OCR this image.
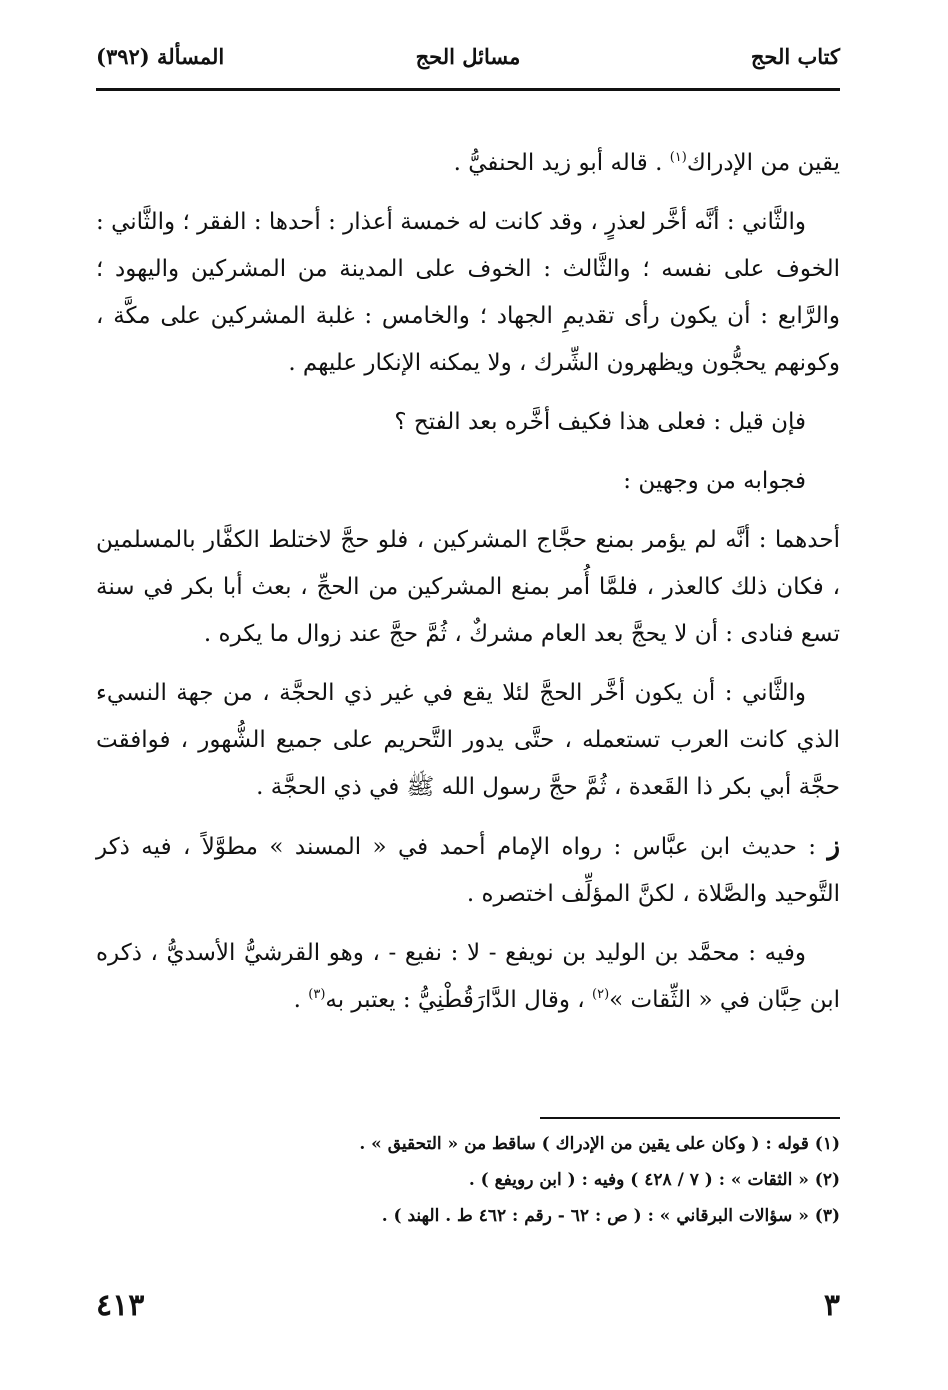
كتاب الحج
مسائل الحج
المسألة (٣٩٢)

يقين من الإدراك$^{(١)}$ . قاله أبو زيد الحنفيُّ .

والثَّاني : أنَّه أخَّر لعذرٍ ، وقد كانت له خمسة أعذار : أحدها : الفقر ؛ والثَّاني : الخوف على نفسه ؛ والثَّالث : الخوف على المدينة من المشركين واليهود ؛ والرَّابع : أن يكون رأى تقديمِ الجهاد ؛ والخامس : غلبة المشركين على مكَّة ، وكونهم يحجُّون ويظهرون الشِّرك ، ولا يمكنه الإنكار عليهم .

فإن قيل : فعلى هذا فكيف أخَّره بعد الفتح ؟

فجوابه من وجهين :

أحدهما : أنَّه لم يؤمر بمنع حجَّاج المشركين ، فلو حجَّ لاختلط الكفَّار بالمسلمين ، فكان ذلك كالعذر ، فلمَّا أُمر بمنع المشركين من الحجِّ ، بعث أبا بكر في سنة تسع فنادى : أن لا يحجَّ بعد العام مشركٌ ، ثُمَّ حجَّ عند زوال ما يكره .

والثَّاني : أن يكون أخَّر الحجَّ لئلا يقع في غير ذي الحجَّة ، من جهة النسيء الذي كانت العرب تستعمله ، حتَّى يدور التَّحريم على جميع الشُّهور ، فوافقت حجَّة أبي بكر ذا القَعدة ، ثُمَّ حجَّ رسول الله ﷺ في ذي الحجَّة .

ز : حديث ابن عبَّاس : رواه الإمام أحمد في « المسند » مطوَّلاً ، فيه ذكر التَّوحيد والصَّلاة ، لكنَّ المؤلِّف اختصره .

وفيه : محمَّد بن الوليد بن نويفع - لا : نفيع - ، وهو القرشيُّ الأسديُّ ، ذكره ابن حِبَّان في « الثِّقات »$^{(٢)}$ ، وقال الدَّارَقُطْنِيُّ : يعتبر به$^{(٣)}$ .

(١) قوله : ( وكان على يقين من الإدراك ) ساقط من « التحقيق » .
(٢) « الثقات » : ( ٧ / ٤٢٨ ) وفيه : ( ابن رويفع ) .
(٣) « سؤالات البرقاني » : ( ص : ٦٢ - رقم : ٤٦٢ ط . الهند ) .
٣
٤١٣
